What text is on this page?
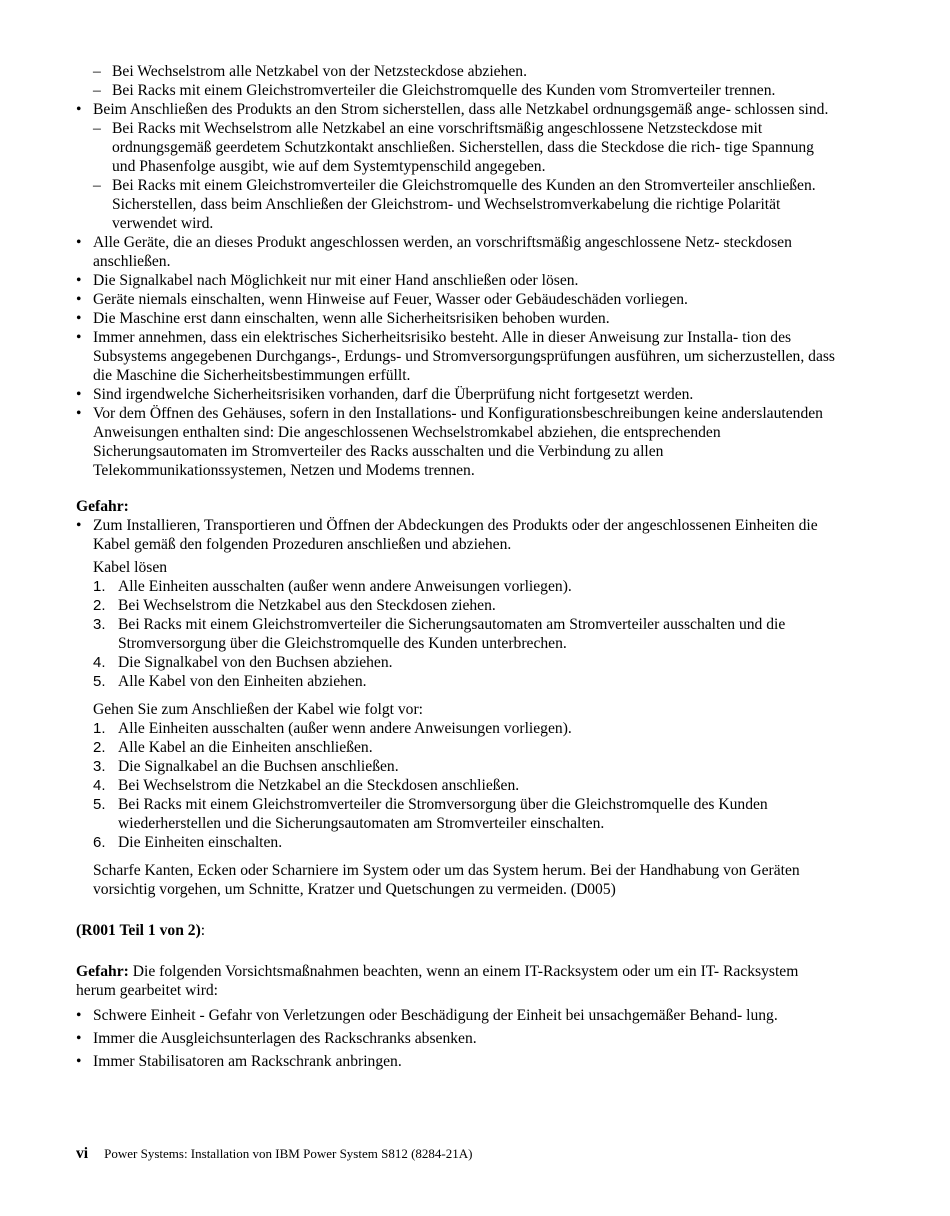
– Bei Wechselstrom alle Netzkabel von der Netzsteckdose abziehen.
– Bei Racks mit einem Gleichstromverteiler die Gleichstromquelle des Kunden vom Stromverteiler trennen.
• Beim Anschließen des Produkts an den Strom sicherstellen, dass alle Netzkabel ordnungsgemäß ange- schlossen sind.
– Bei Racks mit Wechselstrom alle Netzkabel an eine vorschriftsmäßig angeschlossene Netzsteckdose mit ordnungsgemäß geerdetem Schutzkontakt anschließen. Sicherstellen, dass die Steckdose die rich- tige Spannung und Phasenfolge ausgibt, wie auf dem Systemtypenschild angegeben.
– Bei Racks mit einem Gleichstromverteiler die Gleichstromquelle des Kunden an den Stromverteiler anschließen. Sicherstellen, dass beim Anschließen der Gleichstrom- und Wechselstromverkabelung die richtige Polarität verwendet wird.
• Alle Geräte, die an dieses Produkt angeschlossen werden, an vorschriftsmäßig angeschlossene Netz- steckdosen anschließen.
• Die Signalkabel nach Möglichkeit nur mit einer Hand anschließen oder lösen.
• Geräte niemals einschalten, wenn Hinweise auf Feuer, Wasser oder Gebäudeschäden vorliegen.
• Die Maschine erst dann einschalten, wenn alle Sicherheitsrisiken behoben wurden.
• Immer annehmen, dass ein elektrisches Sicherheitsrisiko besteht. Alle in dieser Anweisung zur Installa- tion des Subsystems angegebenen Durchgangs-, Erdungs- und Stromversorgungsprüfungen ausführen, um sicherzustellen, dass die Maschine die Sicherheitsbestimmungen erfüllt.
• Sind irgendwelche Sicherheitsrisiken vorhanden, darf die Überprüfung nicht fortgesetzt werden.
• Vor dem Öffnen des Gehäuses, sofern in den Installations- und Konfigurationsbeschreibungen keine anderslautenden Anweisungen enthalten sind: Die angeschlossenen Wechselstromkabel abziehen, die entsprechenden Sicherungsautomaten im Stromverteiler des Racks ausschalten und die Verbindung zu allen Telekommunikationssystemen, Netzen und Modems trennen.

Gefahr:

• Zum Installieren, Transportieren und Öffnen der Abdeckungen des Produkts oder der angeschlossenen Einheiten die Kabel gemäß den folgenden Prozeduren anschließen und abziehen.

Kabel lösen

1. Alle Einheiten ausschalten (außer wenn andere Anweisungen vorliegen).
2. Bei Wechselstrom die Netzkabel aus den Steckdosen ziehen.
3. Bei Racks mit einem Gleichstromverteiler die Sicherungsautomaten am Stromverteiler ausschalten und die Stromversorgung über die Gleichstromquelle des Kunden unterbrechen.
4. Die Signalkabel von den Buchsen abziehen.
5. Alle Kabel von den Einheiten abziehen.

Gehen Sie zum Anschließen der Kabel wie folgt vor:

1. Alle Einheiten ausschalten (außer wenn andere Anweisungen vorliegen).
2. Alle Kabel an die Einheiten anschließen.
3. Die Signalkabel an die Buchsen anschließen.
4. Bei Wechselstrom die Netzkabel an die Steckdosen anschließen.
5. Bei Racks mit einem Gleichstromverteiler die Stromversorgung über die Gleichstromquelle des Kunden wiederherstellen und die Sicherungsautomaten am Stromverteiler einschalten.
6. Die Einheiten einschalten.

Scharfe Kanten, Ecken oder Scharniere im System oder um das System herum. Bei der Handhabung von Geräten vorsichtig vorgehen, um Schnitte, Kratzer und Quetschungen zu vermeiden. (D005)

(R001 Teil 1 von 2):

Gefahr: Die folgenden Vorsichtsmaßnahmen beachten, wenn an einem IT-Racksystem oder um ein IT- Racksystem herum gearbeitet wird:

• Schwere Einheit - Gefahr von Verletzungen oder Beschädigung der Einheit bei unsachgemäßer Behand- lung.
• Immer die Ausgleichsunterlagen des Rackschranks absenken.
• Immer Stabilisatoren am Rackschrank anbringen.
vi Power Systems: Installation von IBM Power System S812 (8284-21A)
